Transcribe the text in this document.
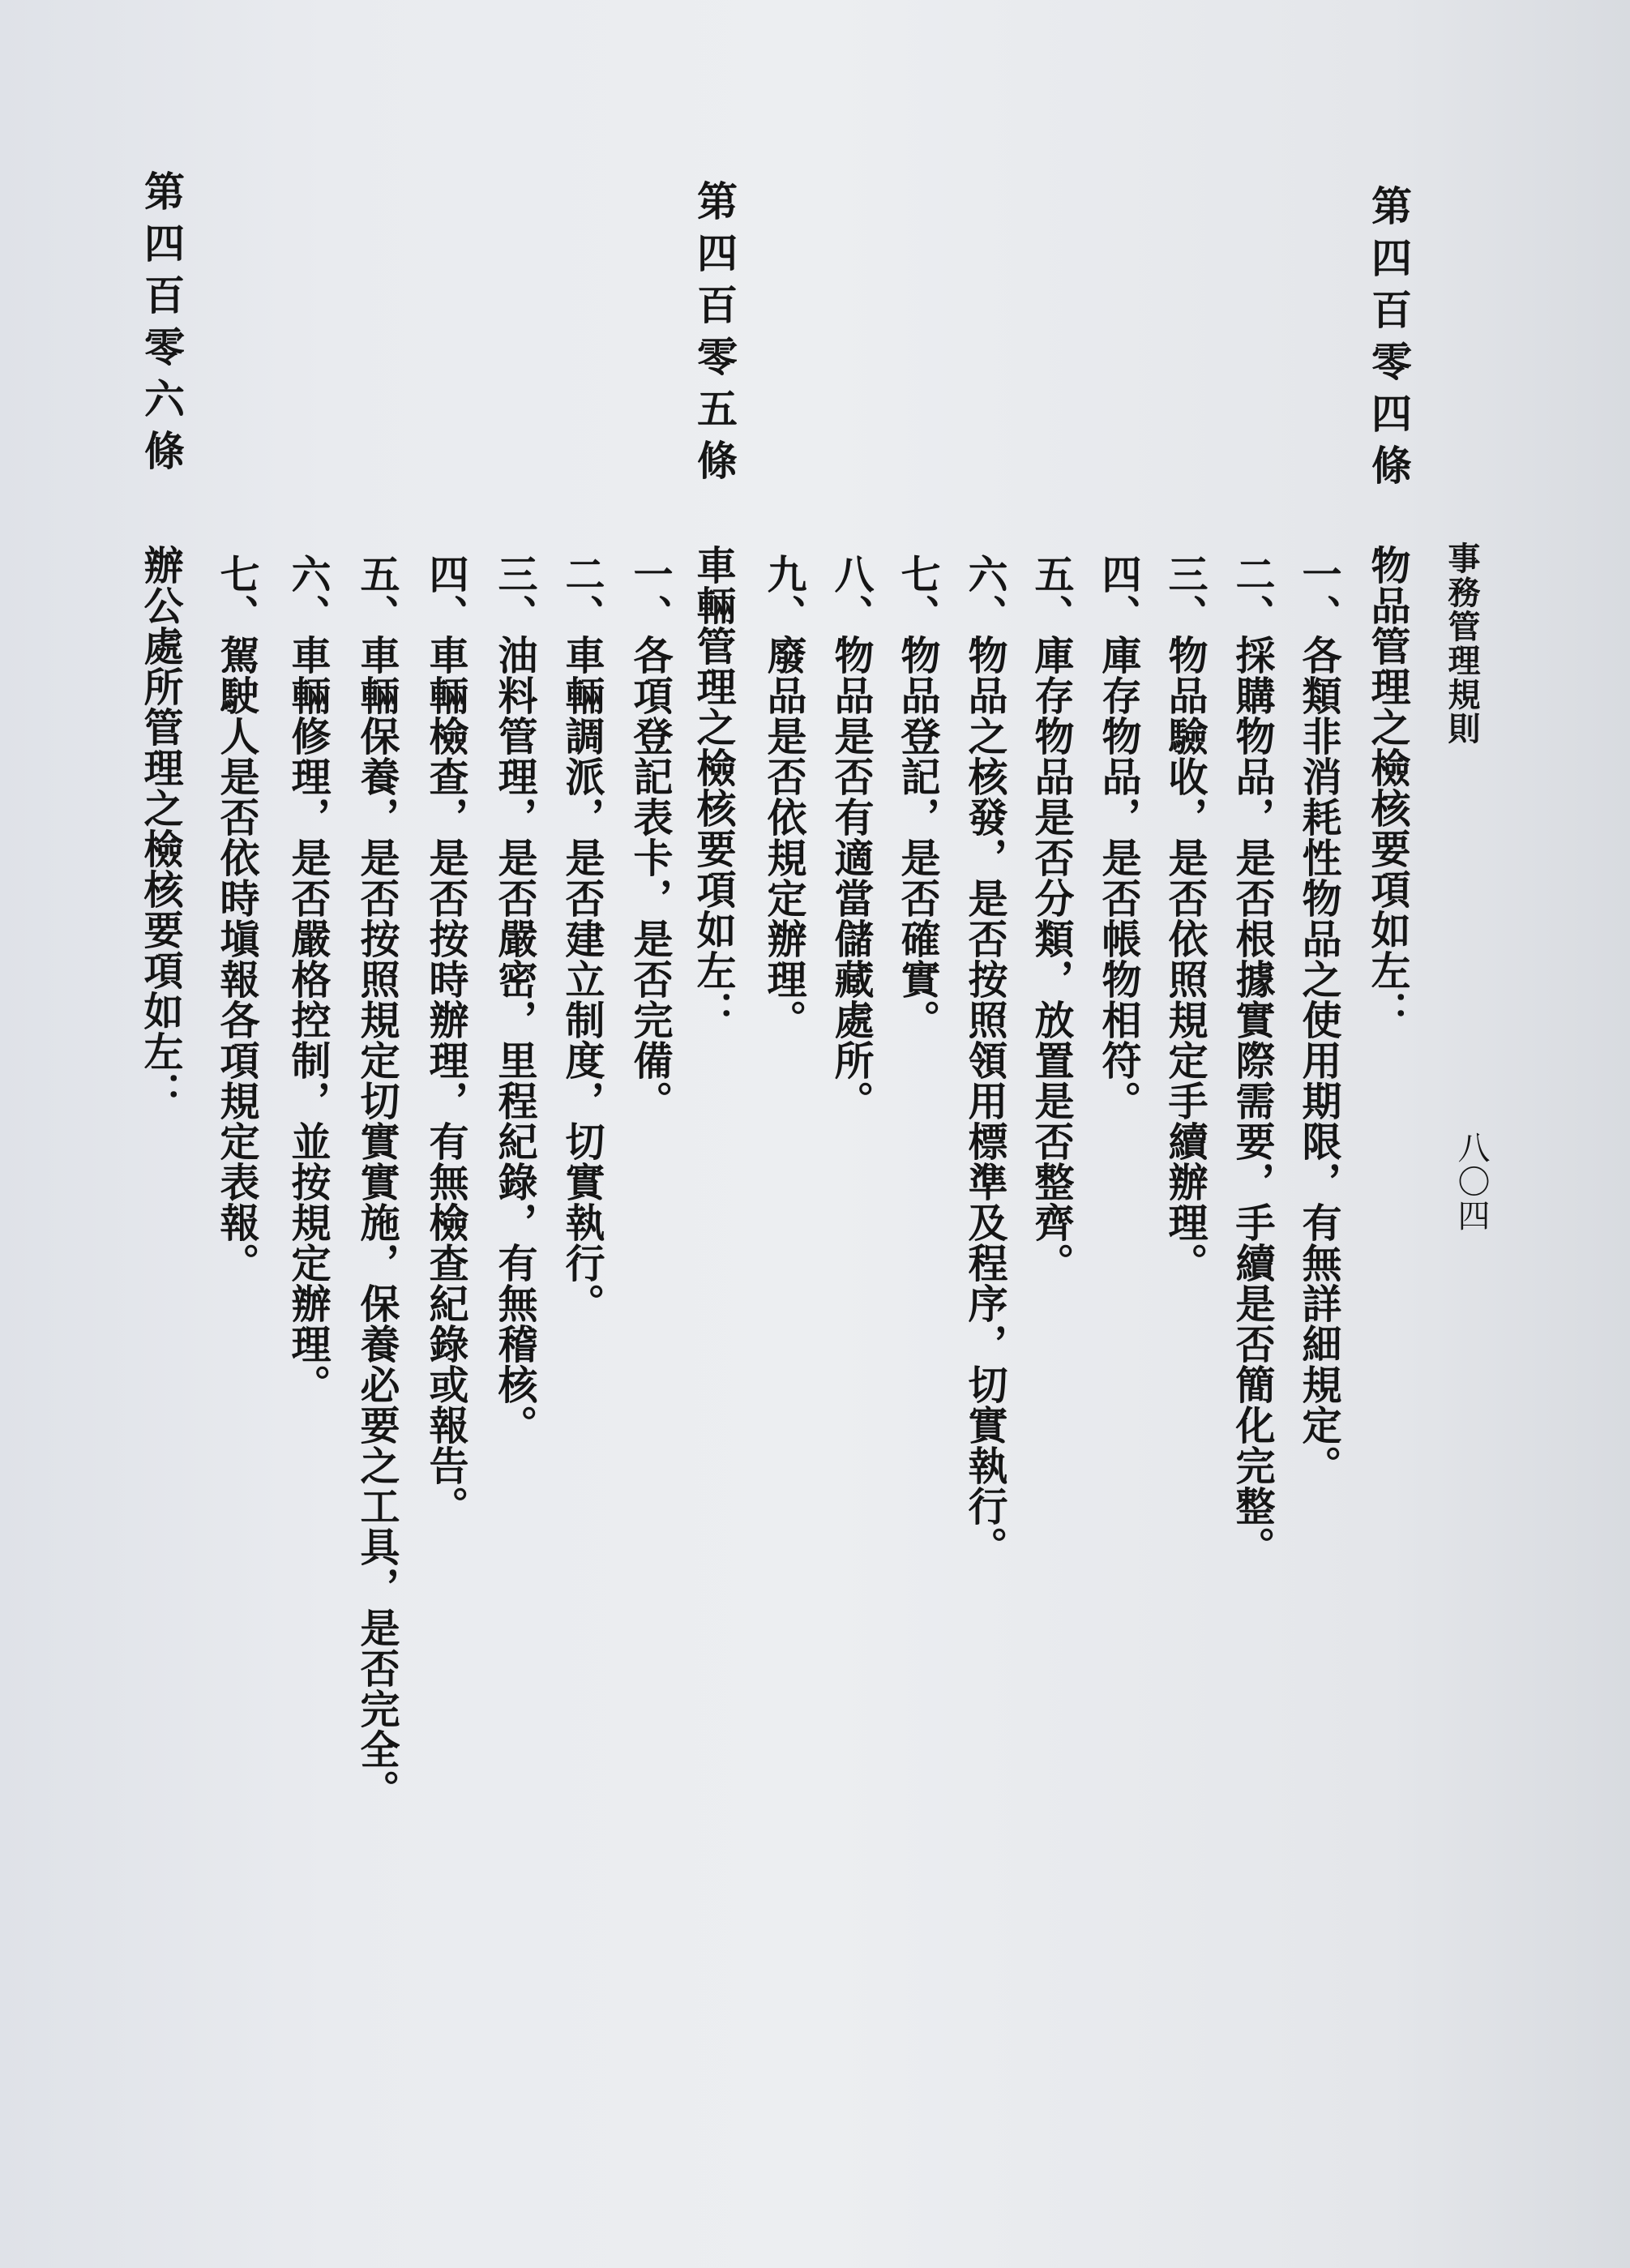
事務管理規則
八〇四
第四百零四條
物品管理之檢核要項如左：
一、各類非消耗性物品之使用期限，有無詳細規定。
二、採購物品，是否根據實際需要，手續是否簡化完整。
三、物品驗收，是否依照規定手續辦理。
四、庫存物品，是否帳物相符。
五、庫存物品是否分類，放置是否整齊。
六、物品之核發，是否按照領用標準及程序，切實執行。
七、物品登記，是否確實。
八、物品是否有適當儲藏處所。
九、廢品是否依規定辦理。
第四百零五條
車輛管理之檢核要項如左：
一、各項登記表卡，是否完備。
二、車輛調派，是否建立制度，切實執行。
三、油料管理，是否嚴密，里程紀錄，有無稽核。
四、車輛檢查，是否按時辦理，有無檢查紀錄或報告。
五、車輛保養，是否按照規定切實實施，保養必要之工具，是否完全。
六、車輛修理，是否嚴格控制，並按規定辦理。
七、駕駛人是否依時塡報各項規定表報。
第四百零六條
辦公處所管理之檢核要項如左：
